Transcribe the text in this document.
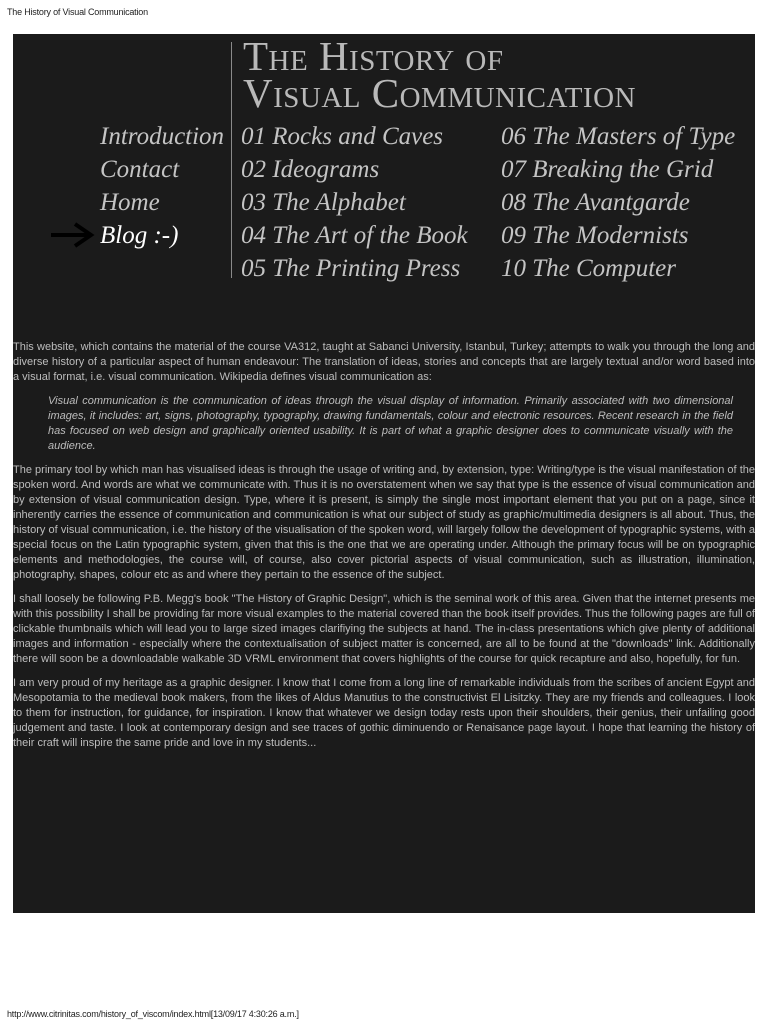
The History of Visual Communication
The History of
Visual Communication
Introduction
Contact
Home
Blog :-)
01 Rocks and Caves
02 Ideograms
03 The Alphabet
04 The Art of the Book
05 The Printing Press
06 The Masters of Type
07 Breaking the Grid
08 The Avantgarde
09 The Modernists
10 The Computer

This website, which contains the material of the course VA312, taught at Sabanci University, Istanbul, Turkey; attempts to walk you through the long and diverse history of a particular aspect of human endeavour: The translation of ideas, stories and concepts that are largely textual and/or word based into a visual format, i.e. visual communication. Wikipedia defines visual communication as:

Visual communication is the communication of ideas through the visual display of information. Primarily associated with two dimensional images, it includes: art, signs, photography, typography, drawing fundamentals, colour and electronic resources. Recent research in the field has focused on web design and graphically oriented usability. It is part of what a graphic designer does to communicate visually with the audience.

The primary tool by which man has visualised ideas is through the usage of writing and, by extension, type: Writing/type is the visual manifestation of the spoken word. And words are what we communicate with. Thus it is no overstatement when we say that type is the essence of visual communication and by extension of visual communication design. Type, where it is present, is simply the single most important element that you put on a page, since it inherently carries the essence of communication and communication is what our subject of study as graphic/multimedia designers is all about. Thus, the history of visual communication, i.e. the history of the visualisation of the spoken word, will largely follow the development of typographic systems, with a special focus on the Latin typographic system, given that this is the one that we are operating under. Although the primary focus will be on typographic elements and methodologies, the course will, of course, also cover pictorial aspects of visual communication, such as illustration, illumination, photography, shapes, colour etc as and where they pertain to the essence of the subject.

I shall loosely be following P.B. Megg's book "The History of Graphic Design", which is the seminal work of this area. Given that the internet presents me with this possibility I shall be providing far more visual examples to the material covered than the book itself provides. Thus the following pages are full of clickable thumbnails which will lead you to large sized images clarifiying the subjects at hand. The in-class presentations which give plenty of additional images and information - especially where the contextualisation of subject matter is concerned, are all to be found at the "downloads" link. Additionally there will soon be a downloadable walkable 3D VRML environment that covers highlights of the course for quick recapture and also, hopefully, for fun.

I am very proud of my heritage as a graphic designer. I know that I come from a long line of remarkable individuals from the scribes of ancient Egypt and Mesopotamia to the medieval book makers, from the likes of Aldus Manutius to the constructivist El Lisitzky. They are my friends and colleagues. I look to them for instruction, for guidance, for inspiration. I know that whatever we design today rests upon their shoulders, their genius, their unfailing good judgement and taste. I look at contemporary design and see traces of gothic diminuendo or Renaisance page layout. I hope that learning the history of their craft will inspire the same pride and love in my students...

http://www.citrinitas.com/history_of_viscom/index.html[13/09/17 4:30:26 a.m.]
